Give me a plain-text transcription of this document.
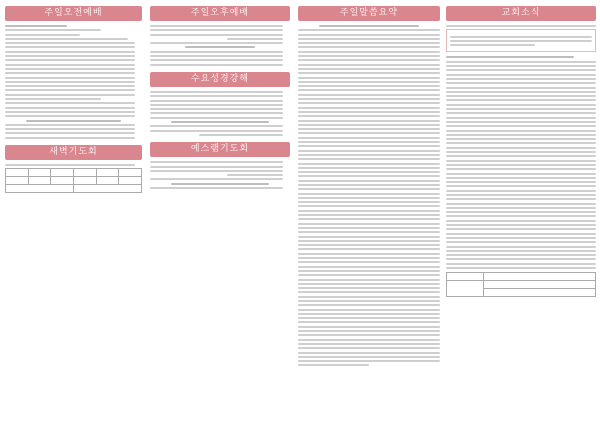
주일오전예배
새벽기도회

주일오후예배
수요성경강해
예스램기도회
주일말씀요약	교회소식
